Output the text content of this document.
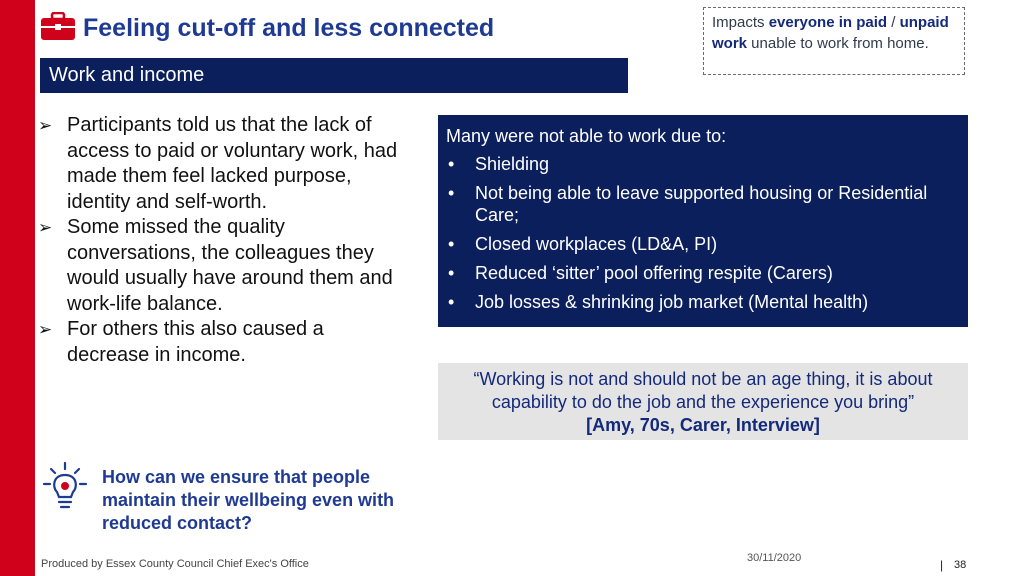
Feeling cut-off and less connected
Work and income
Impacts everyone in paid / unpaid work unable to work from home.
➢ Participants told us that the lack of access to paid or voluntary work, had made them feel lacked purpose, identity and self-worth.
➢ Some missed the quality conversations, the colleagues they would usually have around them and work-life balance.
➢ For others this also caused a decrease in income.

Many were not able to work due to:

• Shielding
• Not being able to leave supported housing or Residential Care;
• Closed workplaces (LD&A, PI)
• Reduced ‘sitter’ pool offering respite (Carers)
• Job losses & shrinking job market (Mental health)
“Working is not and should not be an age thing, it is about capability to do the job and the experience you bring”
[Amy, 70s, Carer, Interview]
How can we ensure that people maintain their wellbeing even with reduced contact?
Produced by Essex County Council Chief Exec's Office	30/11/2020	| 38
